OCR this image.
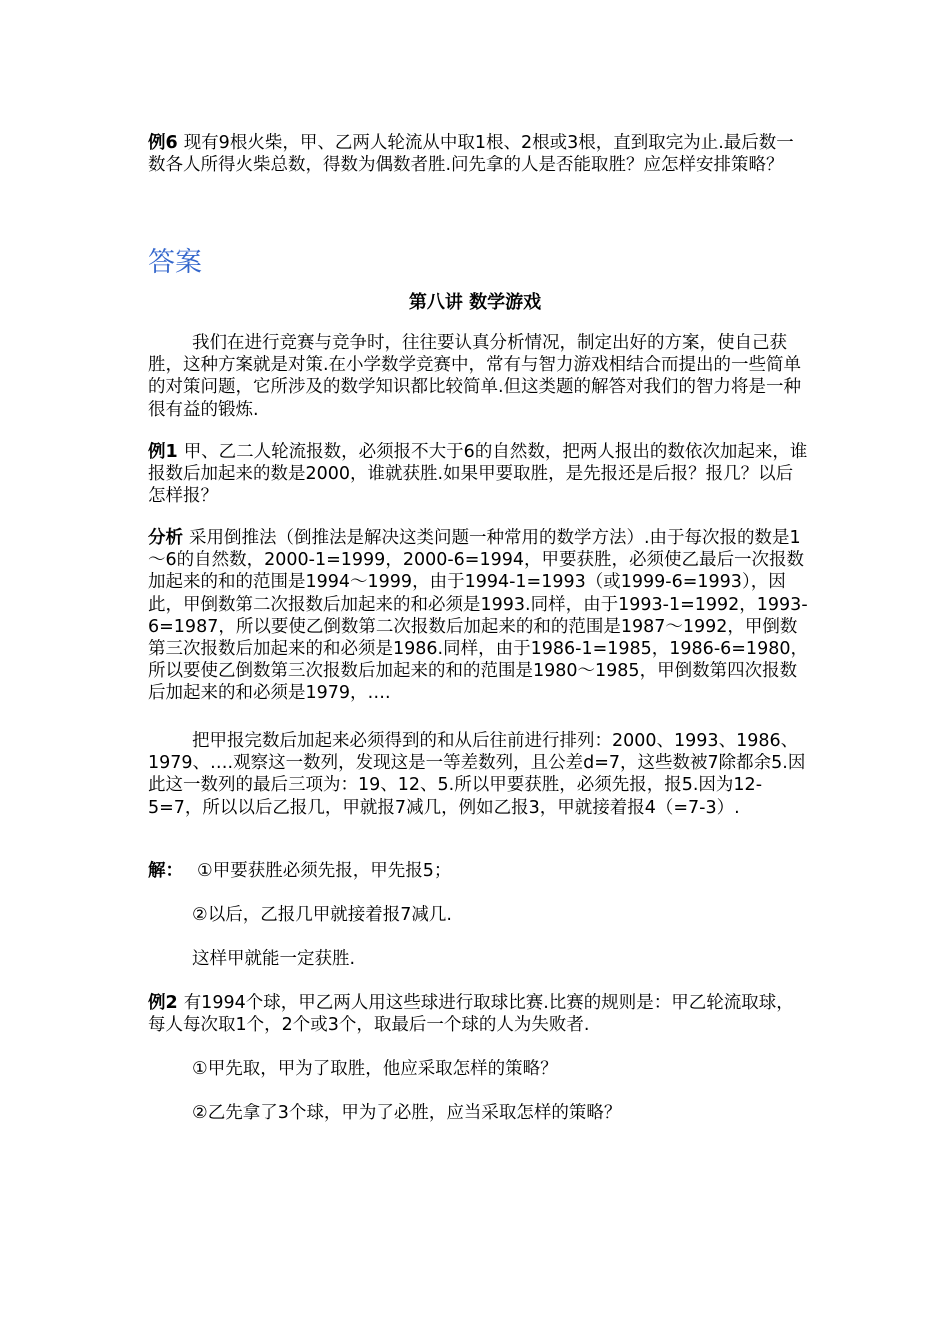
例6 现有9根火柴，甲、乙两人轮流从中取1根、2根或3根，直到取完为止.最后数一数各人所得火柴总数，得数为偶数者胜.问先拿的人是否能取胜？应怎样安排策略？

答案

第八讲 数学游戏

我们在进行竞赛与竞争时，往往要认真分析情况，制定出好的方案，使自己获胜，这种方案就是对策.在小学数学竞赛中，常有与智力游戏相结合而提出的一些简单的对策问题，它所涉及的数学知识都比较简单.但这类题的解答对我们的智力将是一种很有益的锻炼.

例1 甲、乙二人轮流报数，必须报不大于6的自然数，把两人报出的数依次加起来，谁报数后加起来的数是2000，谁就获胜.如果甲要取胜，是先报还是后报？报几？以后怎样报？

分析 采用倒推法（倒推法是解决这类问题一种常用的数学方法）.由于每次报的数是1～6的自然数，2000-1=1999，2000-6=1994，甲要获胜，必须使乙最后一次报数加起来的和的范围是1994～1999，由于1994-1=1993（或1999-6=1993），因此，甲倒数第二次报数后加起来的和必须是1993.同样，由于1993-1=1992，1993-6=1987，所以要使乙倒数第二次报数后加起来的和的范围是1987～1992，甲倒数第三次报数后加起来的和必须是1986.同样，由于1986-1=1985，1986-6=1980，所以要使乙倒数第三次报数后加起来的和的范围是1980～1985，甲倒数第四次报数后加起来的和必须是1979，….

把甲报完数后加起来必须得到的和从后往前进行排列：2000、1993、1986、1979、….观察这一数列，发现这是一等差数列，且公差d=7，这些数被7除都余5.因此这一数列的最后三项为：19、12、5.所以甲要获胜，必须先报，报5.因为12-5=7，所以以后乙报几，甲就报7减几，例如乙报3，甲就接着报4（=7-3）.

解： ①甲要获胜必须先报，甲先报5；

②以后，乙报几甲就接着报7减几.

这样甲就能一定获胜.

例2 有1994个球，甲乙两人用这些球进行取球比赛.比赛的规则是：甲乙轮流取球，每人每次取1个，2个或3个，取最后一个球的人为失败者.

①甲先取，甲为了取胜，他应采取怎样的策略？

②乙先拿了3个球，甲为了必胜，应当采取怎样的策略？
